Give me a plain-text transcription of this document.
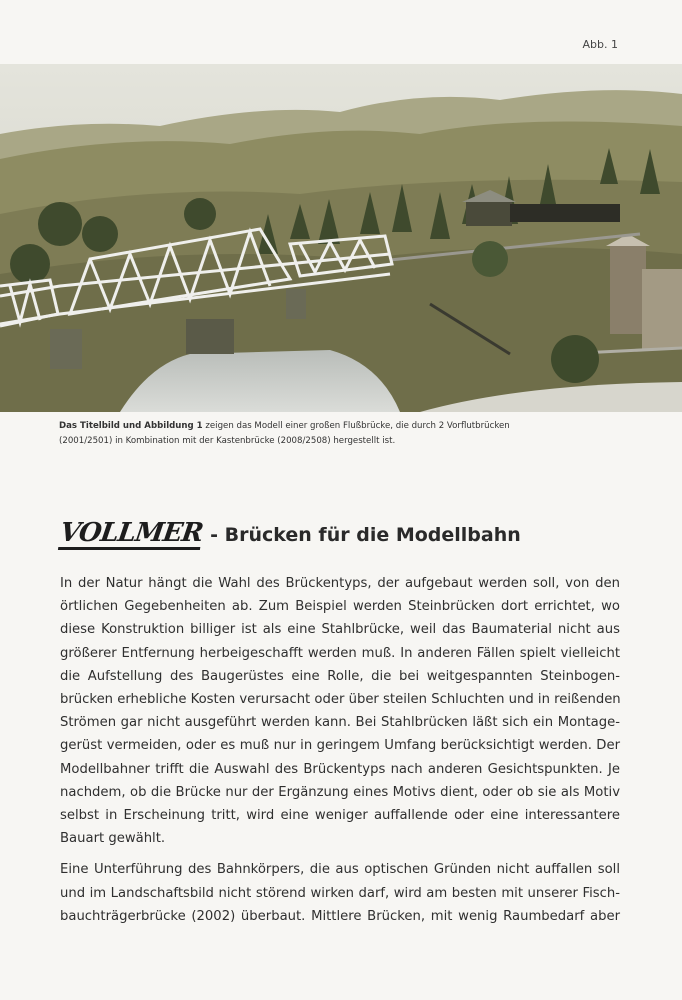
Abb. 1
Das Titelbild und Abbildung 1 zeigen das Modell einer großen Flußbrücke, die durch 2 Vorflutbrücken
(2001/2501) in Kombination mit der Kastenbrücke (2008/2508) hergestellt ist.
VOLLMER - Brücken für die Modellbahn

In der Natur hängt die Wahl des Brückentyps, der aufgebaut werden soll, von den
örtlichen Gegebenheiten ab. Zum Beispiel werden Steinbrücken dort errichtet, wo
diese Konstruktion billiger ist als eine Stahlbrücke, weil das Baumaterial nicht aus
größerer Entfernung herbeigeschafft werden muß. In anderen Fällen spielt vielleicht
die Aufstellung des Baugerüstes eine Rolle, die bei weitgespannten Steinbogen-
brücken erhebliche Kosten verursacht oder über steilen Schluchten und in reißenden
Strömen gar nicht ausgeführt werden kann. Bei Stahlbrücken läßt sich ein Montage-
gerüst vermeiden, oder es muß nur in geringem Umfang berücksichtigt werden. Der
Modellbahner trifft die Auswahl des Brückentyps nach anderen Gesichtspunkten. Je
nachdem, ob die Brücke nur der Ergänzung eines Motivs dient, oder ob sie als Motiv
selbst in Erscheinung tritt, wird eine weniger auffallende oder eine interessantere
Bauart gewählt.

Eine Unterführung des Bahnkörpers, die aus optischen Gründen nicht auffallen soll
und im Landschaftsbild nicht störend wirken darf, wird am besten mit unserer Fisch-
bauchträgerbrücke (2002) überbaut. Mittlere Brücken, mit wenig Raumbedarf aber
